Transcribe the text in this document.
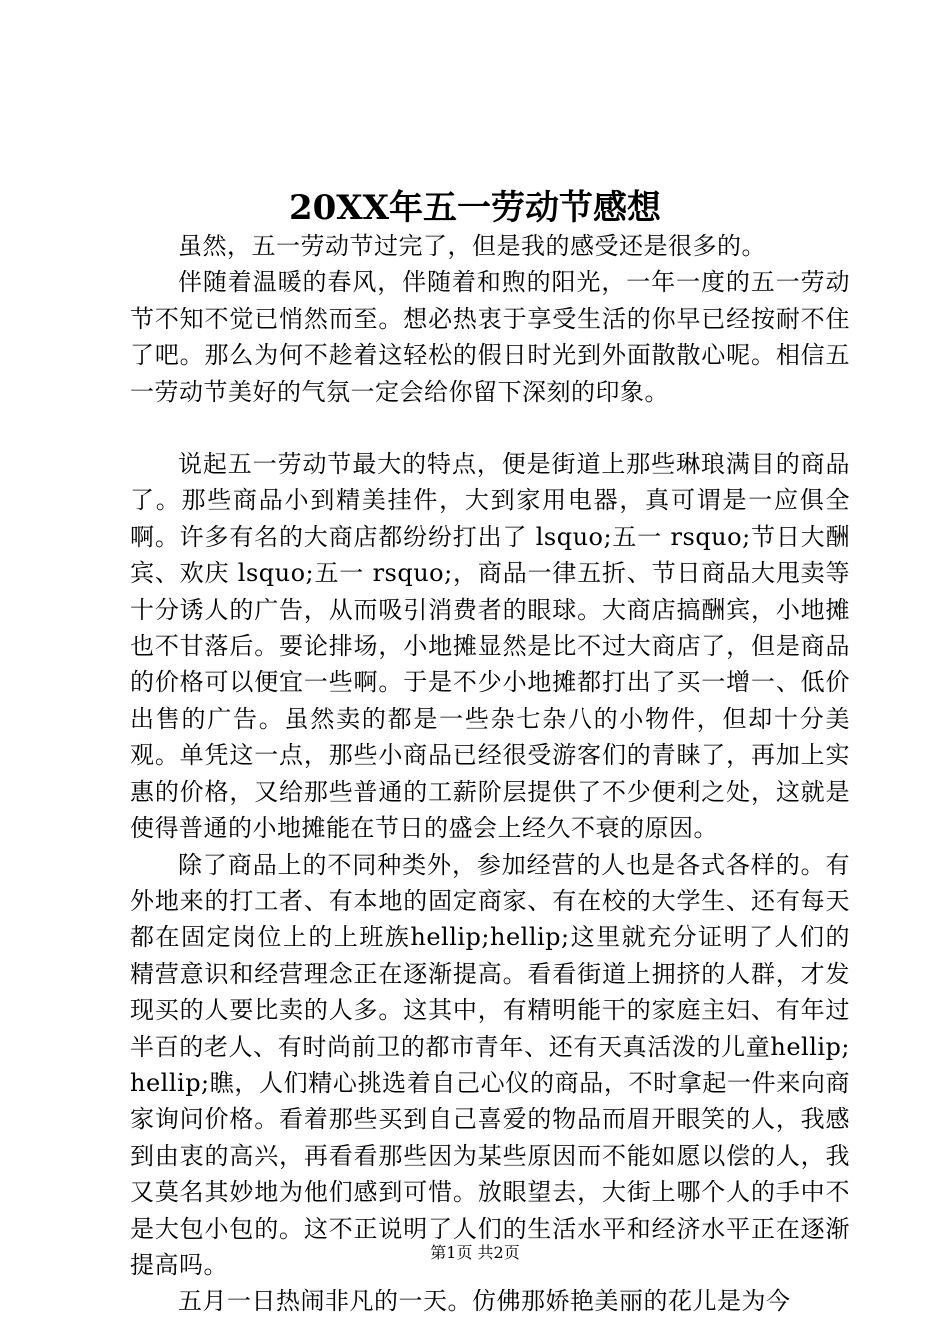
20XX年五一劳动节感想

虽然，五一劳动节过完了，但是我的感受还是很多的。

伴随着温暖的春风，伴随着和煦的阳光，一年一度的五一劳动节不知不觉已悄然而至。想必热衷于享受生活的你早已经按耐不住了吧。那么为何不趁着这轻松的假日时光到外面散散心呢。相信五一劳动节美好的气氛一定会给你留下深刻的印象。

说起五一劳动节最大的特点，便是街道上那些琳琅满目的商品了。那些商品小到精美挂件，大到家用电器，真可谓是一应俱全啊。许多有名的大商店都纷纷打出了 lsquo;五一 rsquo;节日大酬宾、欢庆 lsquo;五一 rsquo;，商品一律五折、节日商品大甩卖等十分诱人的广告，从而吸引消费者的眼球。大商店搞酬宾，小地摊也不甘落后。要论排场，小地摊显然是比不过大商店了，但是商品的价格可以便宜一些啊。于是不少小地摊都打出了买一增一、低价出售的广告。虽然卖的都是一些杂七杂八的小物件，但却十分美观。单凭这一点，那些小商品已经很受游客们的青睐了，再加上实惠的价格，又给那些普通的工薪阶层提供了不少便利之处，这就是使得普通的小地摊能在节日的盛会上经久不衰的原因。

除了商品上的不同种类外，参加经营的人也是各式各样的。有外地来的打工者、有本地的固定商家、有在校的大学生、还有每天都在固定岗位上的上班族hellip;hellip;这里就充分证明了人们的精营意识和经营理念正在逐渐提高。看看街道上拥挤的人群，才发现买的人要比卖的人多。这其中，有精明能干的家庭主妇、有年过半百的老人、有时尚前卫的都市青年、还有天真活泼的儿童hellip;hellip;瞧，人们精心挑选着自己心仪的商品，不时拿起一件来向商家询问价格。看着那些买到自己喜爱的物品而眉开眼笑的人，我感到由衷的高兴，再看看那些因为某些原因而不能如愿以偿的人，我又莫名其妙地为他们感到可惜。放眼望去，大街上哪个人的手中不是大包小包的。这不正说明了人们的生活水平和经济水平正在逐渐提高吗。

五月一日热闹非凡的一天。仿佛那娇艳美丽的花儿是为今

第1页 共2页
